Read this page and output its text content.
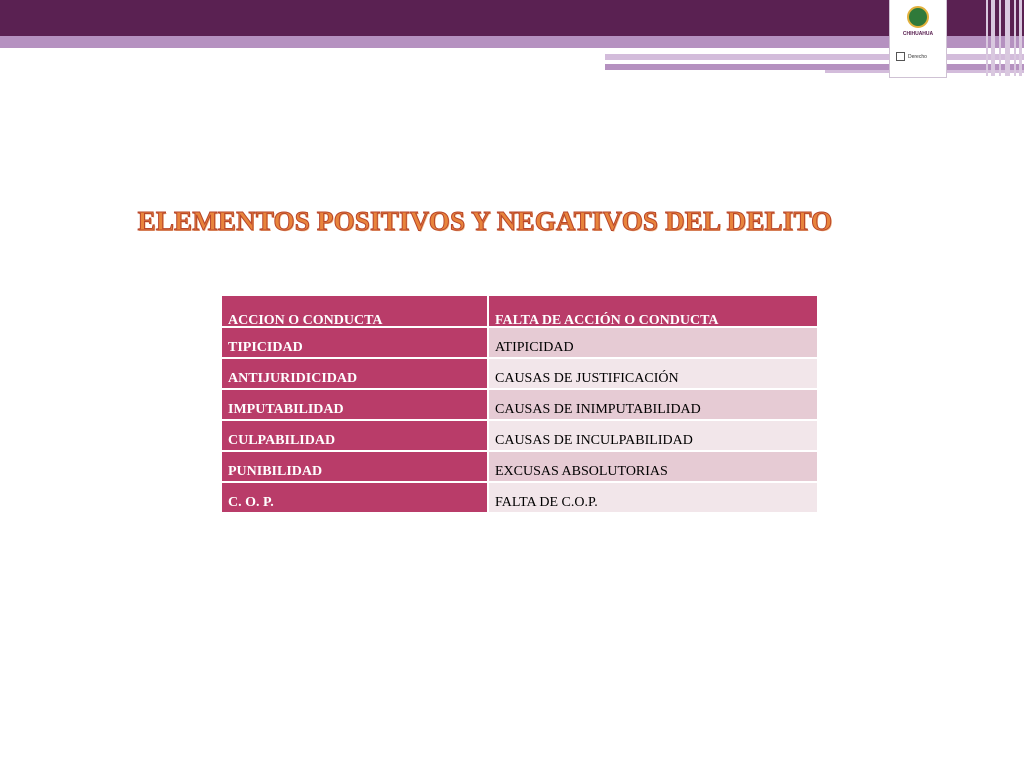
CHIHUAHUA
Derecho
ELEMENTOS POSITIVOS Y NEGATIVOS DEL DELITO
ACCION O CONDUCTA	FALTA DE ACCIÓN O CONDUCTA
TIPICIDAD	ATIPICIDAD
ANTIJURIDICIDAD	CAUSAS DE JUSTIFICACIÓN
IMPUTABILIDAD	CAUSAS DE INIMPUTABILIDAD
CULPABILIDAD	CAUSAS DE INCULPABILIDAD
PUNIBILIDAD	EXCUSAS ABSOLUTORIAS
C. O. P.	FALTA DE C.O.P.
